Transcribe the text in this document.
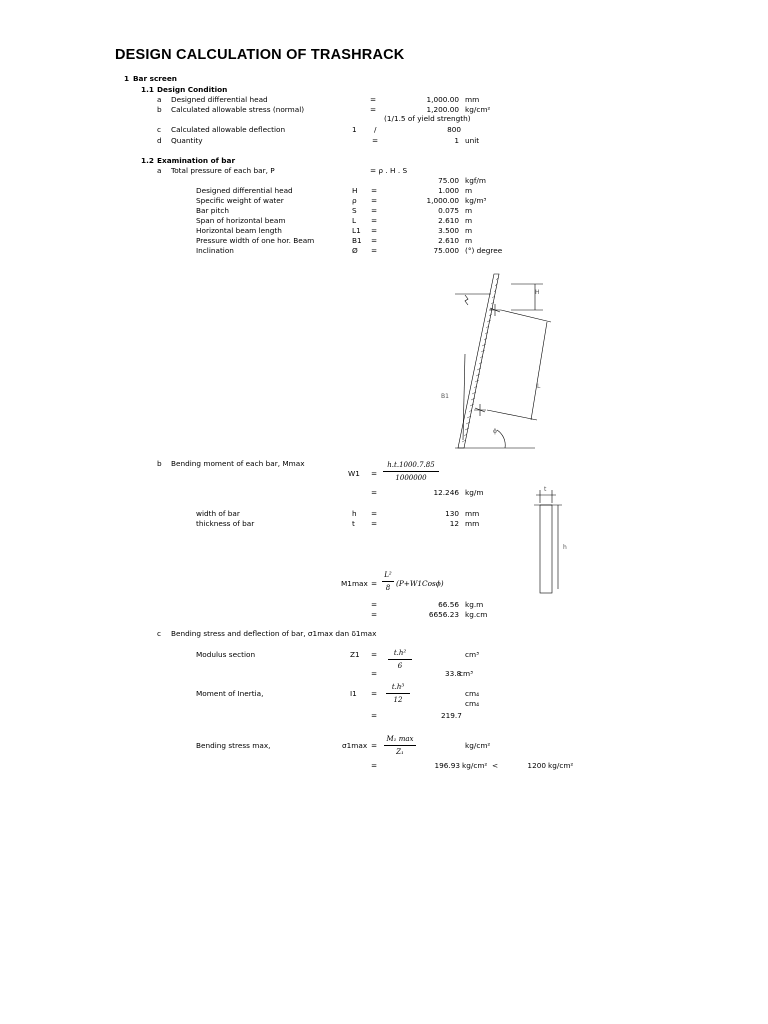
DESIGN CALCULATION OF TRASHRACK
1 Bar screen
1.1 Design Condition
a Designed differential head	=	1,000.00 mm
b Calculated allowable stress (normal)	=	1,200.00 kg/cm²
(1/1.5 of yield strength)
c Calculated allowable deflection	1 /	800
d Quantity	=	1 unit
1.2 Examination of bar
a Total pressure of each bar, P	= ρ . H . S
75.00 kgf/m
Designed differential head	H =	1.000 m
Specific weight of water	ρ =	1,000.00 kg/m³
Bar pitch	S =	0.075 m
Span of horizontal beam	L =	2.610 m
Horizontal beam length	L1 =	3.500 m
Pressure width of one hor. Beam	B1 =	2.610 m
Inclination	Ø =	75.000 (°) degree
H
B1
L
ϕ
b Bending moment of each bar, Mmax
W1 =
h.t.1000.7.85
1000000
=	12.246 kg/m
width of bar	h =	130 mm
thickness of bar	t =	12 mm
t
h
M1max =
L²
8 (P+W1Cosϕ)
=	66.56 kg.m
=	6656.23 kg.cm
c Bending stress and deflection of bar, σ1max dan δ1max
Modulus section	Z1 =	t.h²
6
cm³
=	33.8
cm³
Moment of Inertia,	I1 =
t.h³
12
cm₄
cm₄
=	219.7
Bending stress max,	σ1max =
M₁ max
Z₁
kg/cm²
=	196.93 kg/cm² <	1200 kg/cm²
